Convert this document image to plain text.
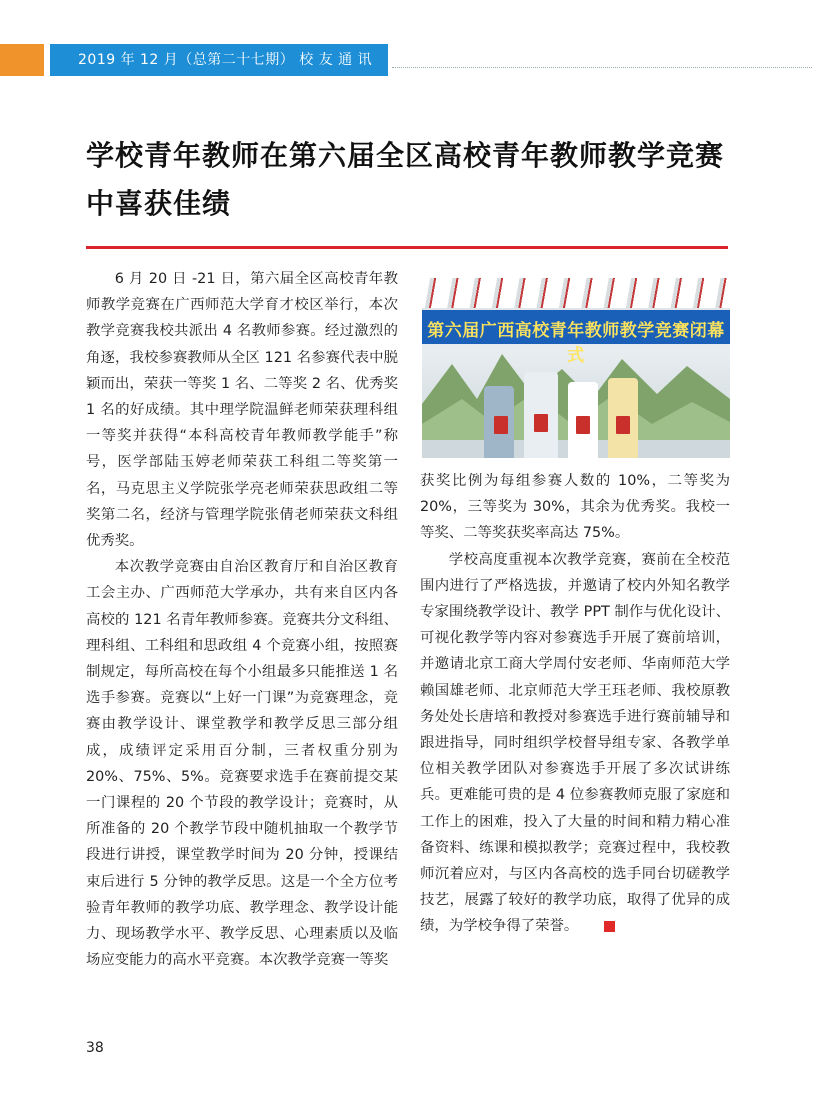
2019 年 12 月（总第二十七期） 校 友 通 讯
学校青年教师在第六届全区高校青年教师教学竞赛中喜获佳绩

6 月 20 日 -21 日，第六届全区高校青年教师教学竞赛在广西师范大学育才校区举行，本次教学竞赛我校共派出 4 名教师参赛。经过激烈的角逐，我校参赛教师从全区 121 名参赛代表中脱颖而出，荣获一等奖 1 名、二等奖 2 名、优秀奖 1 名的好成绩。其中理学院温鲜老师荣获理科组一等奖并获得“本科高校青年教师教学能手”称号，医学部陆玉婷老师荣获工科组二等奖第一名，马克思主义学院张学亮老师荣获思政组二等奖第二名，经济与管理学院张倩老师荣获文科组优秀奖。

本次教学竞赛由自治区教育厅和自治区教育工会主办、广西师范大学承办，共有来自区内各高校的 121 名青年教师参赛。竞赛共分文科组、理科组、工科组和思政组 4 个竞赛小组，按照赛制规定，每所高校在每个小组最多只能推送 1 名选手参赛。竞赛以“上好一门课”为竞赛理念，竞赛由教学设计、课堂教学和教学反思三部分组成，成绩评定采用百分制，三者权重分别为 20%、75%、5%。竞赛要求选手在赛前提交某一门课程的 20 个节段的教学设计；竞赛时，从所准备的 20 个教学节段中随机抽取一个教学节段进行讲授，课堂教学时间为 20 分钟，授课结束后进行 5 分钟的教学反思。这是一个全方位考验青年教师的教学功底、教学理念、教学设计能力、现场教学水平、教学反思、心理素质以及临场应变能力的高水平竞赛。本次教学竞赛一等奖

第六届广西高校青年教师教学竞赛闭幕式

获奖比例为每组参赛人数的 10%，二等奖为 20%，三等奖为 30%，其余为优秀奖。我校一等奖、二等奖获奖率高达 75%。

学校高度重视本次教学竞赛，赛前在全校范围内进行了严格选拔，并邀请了校内外知名教学专家围绕教学设计、教学 PPT 制作与优化设计、可视化教学等内容对参赛选手开展了赛前培训，并邀请北京工商大学周付安老师、华南师范大学赖国雄老师、北京师范大学王珏老师、我校原教务处处长唐培和教授对参赛选手进行赛前辅导和跟进指导，同时组织学校督导组专家、各教学单位相关教学团队对参赛选手开展了多次试讲练兵。更难能可贵的是 4 位参赛教师克服了家庭和工作上的困难，投入了大量的时间和精力精心准备资料、练课和模拟教学；竞赛过程中，我校教师沉着应对，与区内各高校的选手同台切磋教学技艺，展露了较好的教学功底，取得了优异的成绩，为学校争得了荣誉。

38
